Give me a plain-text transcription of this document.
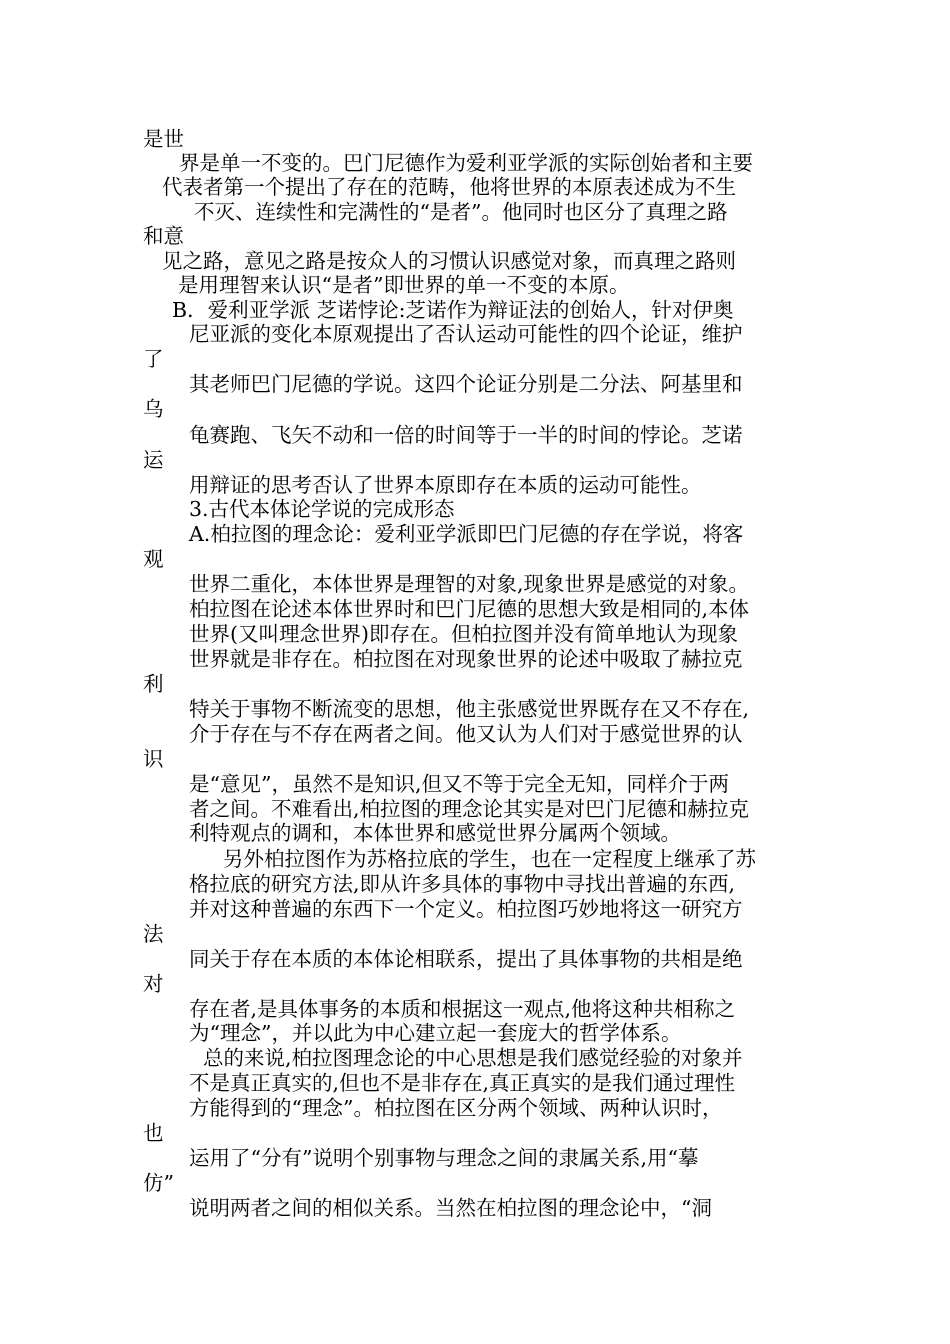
是世

界是单一不变的。巴门尼德作为爱利亚学派的实际创始者和主要

代表者第一个提出了存在的范畴，他将世界的本原表述成为不生

不灭、连续性和完满性的“是者”。他同时也区分了真理之路

和意

见之路，意见之路是按众人的习惯认识感觉对象，而真理之路则

是用理智来认识“是者”即世界的单一不变的本原。

B．爱利亚学派 芝诺悖论:芝诺作为辩证法的创始人，针对伊奥

尼亚派的变化本原观提出了否认运动可能性的四个论证，维护

了

其老师巴门尼德的学说。这四个论证分别是二分法、阿基里和

乌

龟赛跑、飞矢不动和一倍的时间等于一半的时间的悖论。芝诺

运

用辩证的思考否认了世界本原即存在本质的运动可能性。

3.古代本体论学说的完成形态

A.柏拉图的理念论：爱利亚学派即巴门尼德的存在学说，将客

观

世界二重化，本体世界是理智的对象,现象世界是感觉的对象。

柏拉图在论述本体世界时和巴门尼德的思想大致是相同的,本体

世界(又叫理念世界)即存在。但柏拉图并没有简单地认为现象

世界就是非存在。柏拉图在对现象世界的论述中吸取了赫拉克

利

特关于事物不断流变的思想，他主张感觉世界既存在又不存在,

介于存在与不存在两者之间。他又认为人们对于感觉世界的认

识

是“意见”，虽然不是知识,但又不等于完全无知，同样介于两

者之间。不难看出,柏拉图的理念论其实是对巴门尼德和赫拉克

利特观点的调和，本体世界和感觉世界分属两个领域。

另外柏拉图作为苏格拉底的学生，也在一定程度上继承了苏

格拉底的研究方法,即从许多具体的事物中寻找出普遍的东西,

并对这种普遍的东西下一个定义。柏拉图巧妙地将这一研究方

法

同关于存在本质的本体论相联系，提出了具体事物的共相是绝

对

存在者,是具体事务的本质和根据这一观点,他将这种共相称之

为“理念”，并以此为中心建立起一套庞大的哲学体系。

总的来说,柏拉图理念论的中心思想是我们感觉经验的对象并

不是真正真实的,但也不是非存在,真正真实的是我们通过理性

方能得到的“理念”。柏拉图在区分两个领域、两种认识时，

也

运用了“分有”说明个别事物与理念之间的隶属关系,用“摹

仿”

说明两者之间的相似关系。当然在柏拉图的理念论中，“洞
